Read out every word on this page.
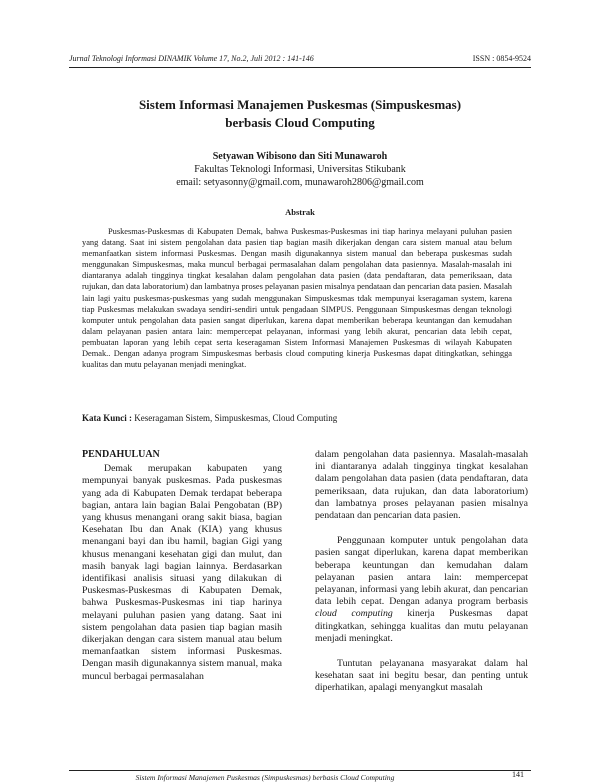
Jurnal Teknologi Informasi DINAMIK Volume 17, No.2, Juli 2012 : 141-146	ISSN : 0854-9524
Sistem Informasi Manajemen Puskesmas (Simpuskesmas)
berbasis Cloud Computing
Setyawan Wibisono dan Siti Munawaroh
Fakultas Teknologi Informasi, Universitas Stikubank
email: setyasonny@gmail.com, munawaroh2806@gmail.com
Abstrak
Puskesmas-Puskesmas di Kabupaten Demak, bahwa Puskesmas-Puskesmas ini tiap harinya melayani puluhan pasien yang datang. Saat ini sistem pengolahan data pasien tiap bagian masih dikerjakan dengan cara sistem manual atau belum memanfaatkan sistem informasi Puskesmas. Dengan masih digunakannya sistem manual dan beberapa puskesmas sudah menggunakan Simpuskesmas, maka muncul berbagai permasalahan dalam pengolahan data pasiennya. Masalah-masalah ini diantaranya adalah tingginya tingkat kesalahan dalam pengolahan data pasien (data pendaftaran, data pemeriksaan, data rujukan, dan data laboratorium) dan lambatnya proses pelayanan pasien misalnya pendataan dan pencarian data pasien. Masalah lain lagi yaitu puskesmas-puskesmas yang sudah menggunakan Simpuskesmas tdak mempunyai kseragaman system, karena tiap Puskesmas melakukan swadaya sendiri-sendiri untuk pengadaan SIMPUS. Penggunaan Simpuskesmas dengan teknologi komputer untuk pengolahan data pasien sangat diperlukan, karena dapat memberikan beberapa keuntangan dan kemudahan dalam pelayanan pasien antara lain: mempercepat pelayanan, informasi yang lebih akurat, pencarian data lebih cepat, pembuatan laporan yang lebih cepat serta keseragaman Sistem Informasi Manajemen Puskesmas di wilayah Kabupaten Demak.. Dengan adanya program Simpuskesmas berbasis cloud computing kinerja Puskesmas dapat ditingkatkan, sehingga kualitas dan mutu pelayanan menjadi meningkat.
Kata Kunci : Keseragaman Sistem, Simpuskesmas, Cloud Computing
PENDAHULUAN

Demak merupakan kabupaten yang mempunyai banyak puskesmas. Pada puskesmas yang ada di Kabupaten Demak terdapat beberapa bagian, antara lain bagian Balai Pengobatan (BP) yang khusus menangani orang sakit biasa, bagian Kesehatan Ibu dan Anak (KIA) yang khusus menangani bayi dan ibu hamil, bagian Gigi yang khusus menangani kesehatan gigi dan mulut, dan masih banyak lagi bagian lainnya. Berdasarkan identifikasi analisis situasi yang dilakukan di Puskesmas-Puskesmas di Kabupaten Demak, bahwa Puskesmas-Puskesmas ini tiap harinya melayani puluhan pasien yang datang. Saat ini sistem pengolahan data pasien tiap bagian masih dikerjakan dengan cara sistem manual atau belum memanfaatkan sistem informasi Puskesmas. Dengan masih digunakannya sistem manual, maka muncul berbagai permasalahan

dalam pengolahan data pasiennya. Masalah-masalah ini diantaranya adalah tingginya tingkat kesalahan dalam pengolahan data pasien (data pendaftaran, data pemeriksaan, data rujukan, dan data laboratorium) dan lambatnya proses pelayanan pasien misalnya pendataan dan pencarian data pasien.

Penggunaan komputer untuk pengolahan data pasien sangat diperlukan, karena dapat memberikan beberapa keuntungan dan kemudahan dalam pelayanan pasien antara lain: mempercepat pelayanan, informasi yang lebih akurat, dan pencarian data lebih cepat. Dengan adanya program berbasis cloud computing kinerja Puskesmas dapat ditingkatkan, sehingga kualitas dan mutu pelayanan menjadi meningkat.

Tuntutan pelayanana masyarakat dalam hal kesehatan saat ini begitu besar, dan penting untuk diperhatikan, apalagi menyangkut masalah

Sistem Informasi Manajemen Puskesmas (Simpuskesmas) berbasis Cloud Computing	141
